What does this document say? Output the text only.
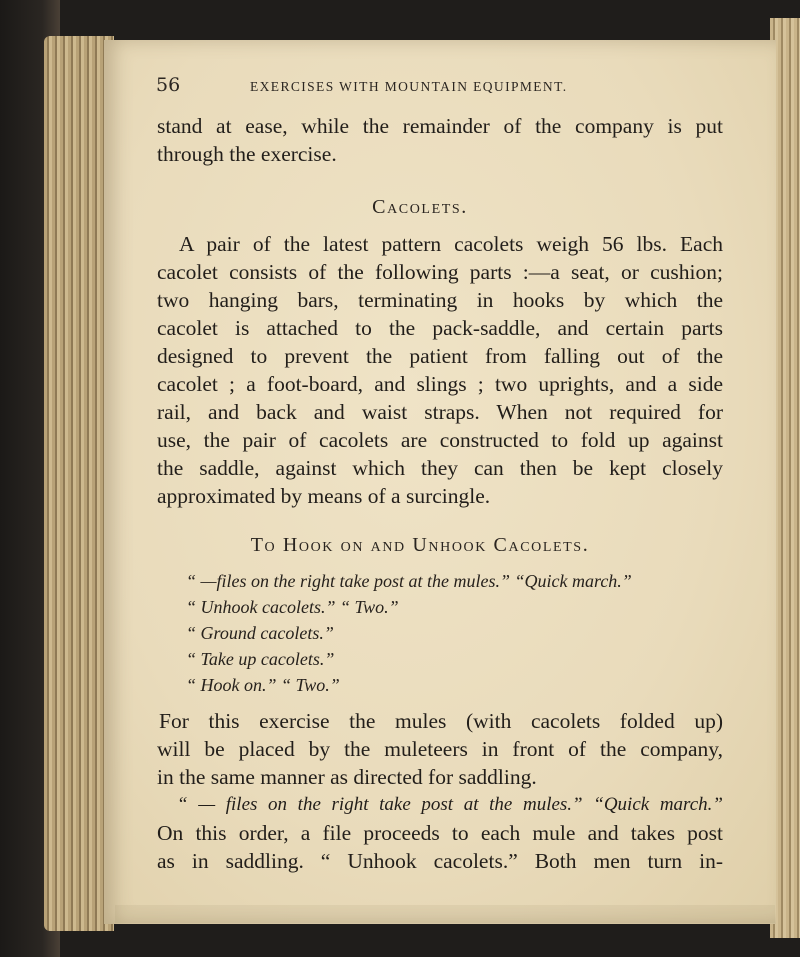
56	EXERCISES WITH MOUNTAIN EQUIPMENT.
stand at ease, while the remainder of the company is put
through the exercise.
Cacolets.
A pair of the latest pattern cacolets weigh 56 lbs. Each
cacolet consists of the following parts :—a seat, or cushion;
two hanging bars, terminating in hooks by which the
cacolet is attached to the pack-saddle, and certain parts
designed to prevent the patient from falling out of the
cacolet ; a foot-board, and slings ; two uprights, and a side
rail, and back and waist straps. When not required for
use, the pair of cacolets are constructed to fold up against
the saddle, against which they can then be kept closely
approximated by means of a surcingle.
To Hook on and Unhook Cacolets.
“ —files on the right take post at the mules.” “Quick march.”
“ Unhook cacolets.” “ Two.”
“ Ground cacolets.”
“ Take up cacolets.”
“ Hook on.” “ Two.”
For this exercise the mules (with cacolets folded up)
will be placed by the muleteers in front of the company,
in the same manner as directed for saddling.
“ — files on the right take post at the mules.” “Quick march.”
On this order, a file proceeds to each mule and takes post
as in saddling. “ Unhook cacolets.” Both men turn in-
